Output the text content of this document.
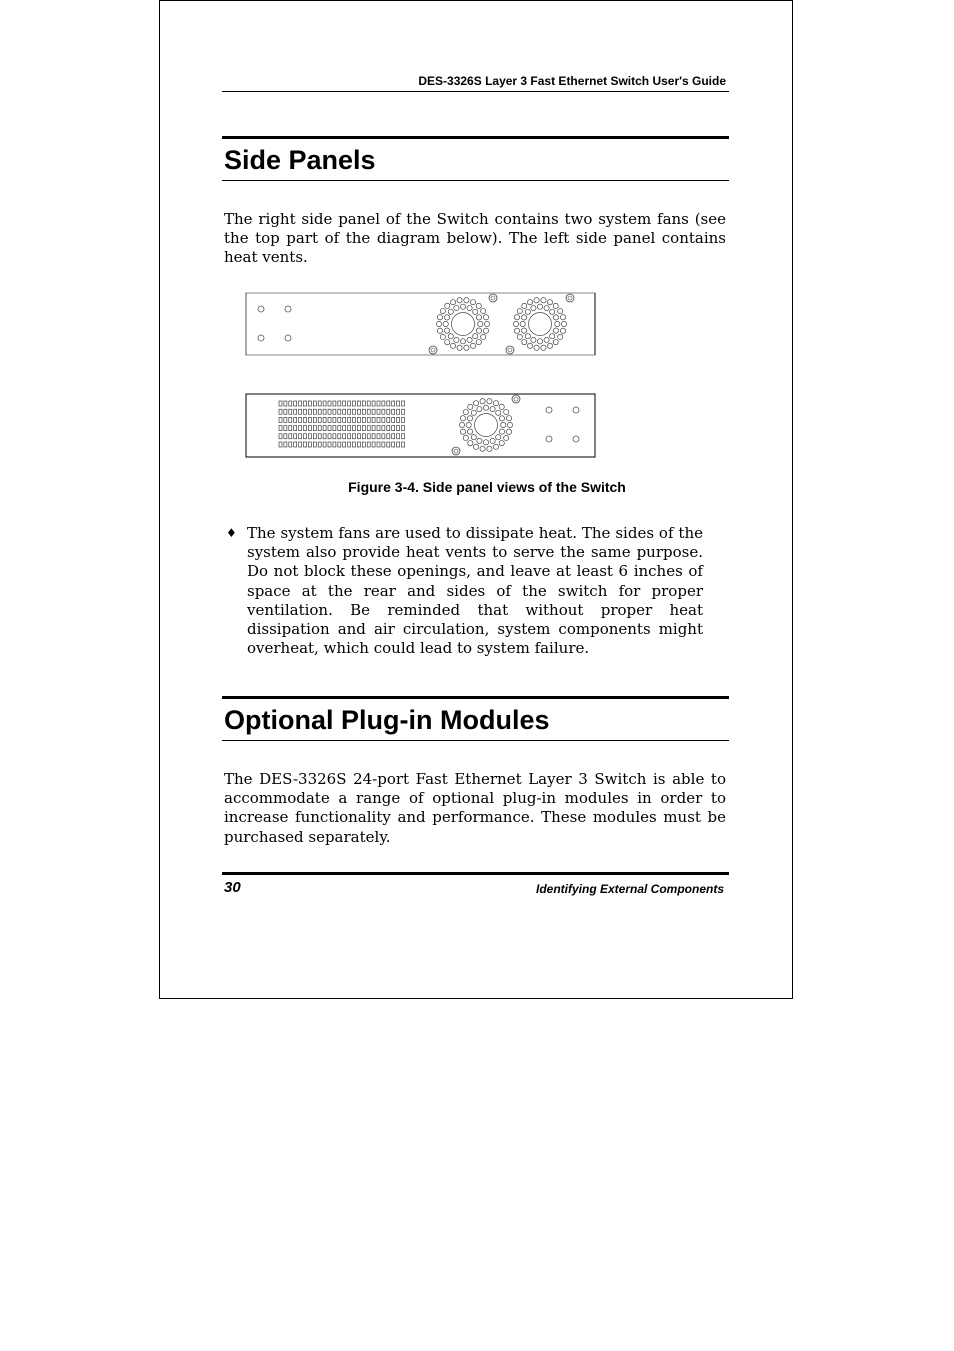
DES-3326S Layer 3 Fast Ethernet Switch User's Guide
Side Panels

The right side panel of the Switch contains two system fans (see the top part of the diagram below). The left side panel contains heat vents.

Figure 3-4. Side panel views of the Switch
♦ The system fans are used to dissipate heat. The sides of the system also provide heat vents to serve the same purpose. Do not block these openings, and leave at least 6 inches of space at the rear and sides of the switch for proper ventilation. Be reminded that without proper heat dissipation and air circulation, system components might overheat, which could lead to system failure.

Optional Plug-in Modules

The DES-3326S 24-port Fast Ethernet Layer 3 Switch is able to accommodate a range of optional plug-in modules in order to increase functionality and performance. These modules must be purchased separately.

30	Identifying External Components
